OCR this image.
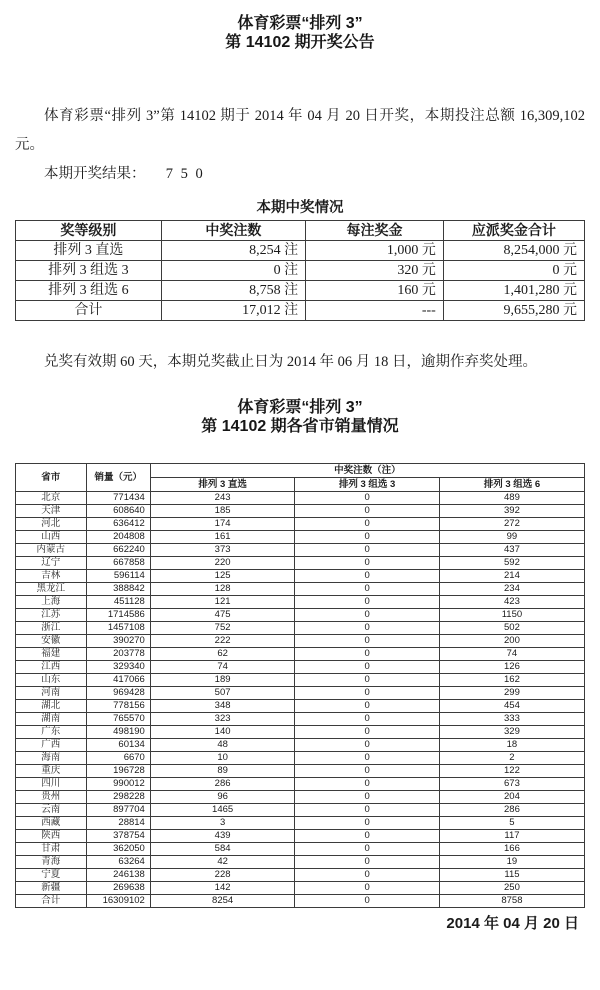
体育彩票“排列 3”
第 14102 期开奖公告

体育彩票“排列 3”第 14102 期于 2014 年 04 月 20 日开奖，本期投注总额 16,309,102 元。

本期开奖结果： 7 5 0

本期中奖情况

奖等级别	中奖注数	每注奖金	应派奖金合计
排列 3 直选	8,254 注	1,000 元	8,254,000 元
排列 3 组选 3	0 注	320 元	0 元
排列 3 组选 6	8,758 注	160 元	1,401,280 元
合计	17,012 注	---	9,655,280 元

兑奖有效期 60 天，本期兑奖截止日为 2014 年 06 月 18 日，逾期作弃奖处理。

体育彩票“排列 3”
第 14102 期各省市销量情况
省市	销量（元）	中奖注数（注）		
		排列 3 直选	排列 3 组选 3	排列 3 组选 6
北京	771434	243	0	489
天津	608640	185	0	392
河北	636412	174	0	272
山西	204808	161	0	99
内蒙古	662240	373	0	437
辽宁	667858	220	0	592
吉林	596114	125	0	214
黑龙江	388842	128	0	234
上海	451128	121	0	423
江苏	1714586	475	0	1150
浙江	1457108	752	0	502
安徽	390270	222	0	200
福建	203778	62	0	74
江西	329340	74	0	126
山东	417066	189	0	162
河南	969428	507	0	299
湖北	778156	348	0	454
湖南	765570	323	0	333
广东	498190	140	0	329
广西	60134	48	0	18
海南	6670	10	0	2
重庆	196728	89	0	122
四川	990012	286	0	673
贵州	298228	96	0	204
云南	897704	1465	0	286
西藏	28814	3	0	5
陕西	378754	439	0	117
甘肃	362050	584	0	166
青海	63264	42	0	19
宁夏	246138	228	0	115
新疆	269638	142	0	250
合计	16309102	8254	0	8758

2014 年 04 月 20 日
